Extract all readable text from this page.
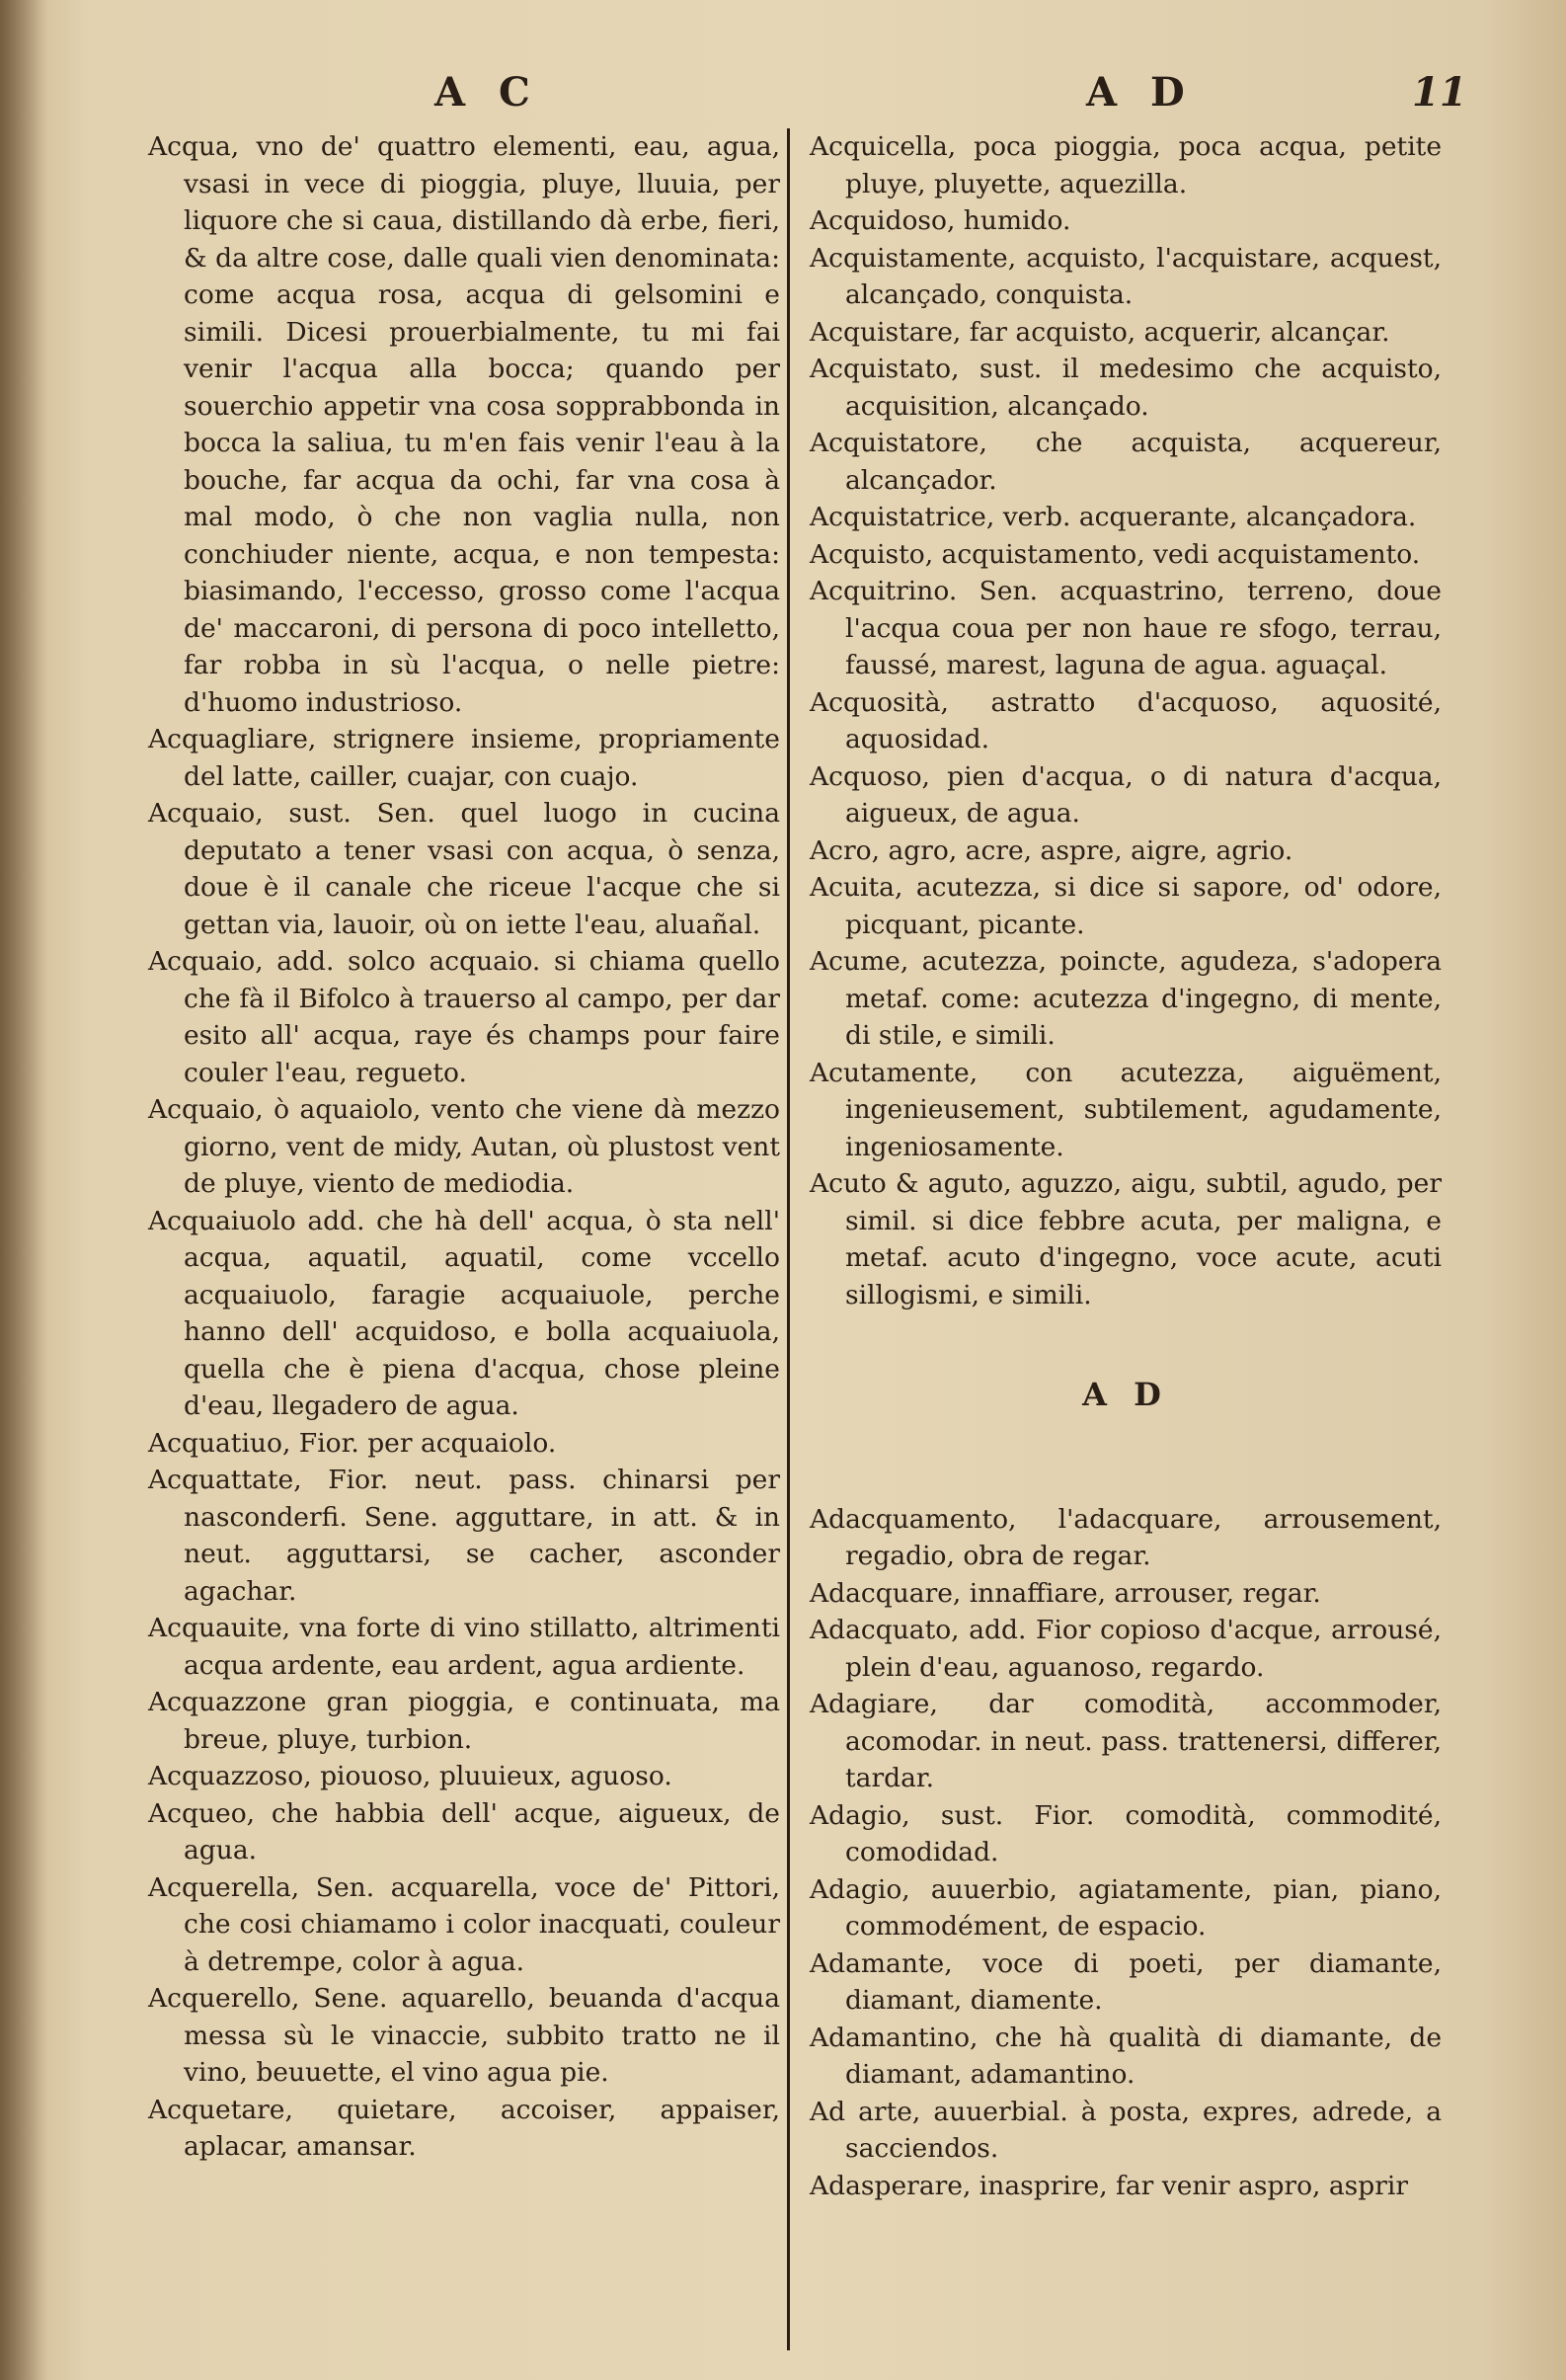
A C	A D	11

Acqua, vno de' quattro elementi, eau, agua, vsasi in vece di pioggia, pluye, lluuia, per liquore che si caua, distillando dà erbe, fieri, & da altre cose, dalle quali vien denominata: come acqua rosa, acqua di gelsomini e simili. Dicesi prouerbialmente, tu mi fai venir l'acqua alla bocca; quando per souerchio appetir vna cosa sopprabbonda in bocca la saliua, tu m'en fais venir l'eau à la bouche, far acqua da ochi, far vna cosa à mal modo, ò che non vaglia nulla, non conchiuder niente, acqua, e non tempesta: biasimando, l'eccesso, grosso come l'acqua de' maccaroni, di persona di poco intelletto, far robba in sù l'acqua, o nelle pietre: d'huomo industrioso.

Acquagliare, strignere insieme, propriamente del latte, cailler, cuajar, con cuajo.

Acquaio, sust. Sen. quel luogo in cucina deputato a tener vsasi con acqua, ò senza, doue è il canale che riceue l'acque che si gettan via, lauoir, où on iette l'eau, aluañal.

Acquaio, add. solco acquaio. si chiama quello che fà il Bifolco à trauerso al campo, per dar esito all' acqua, raye és champs pour faire couler l'eau, regueto.

Acquaio, ò aquaiolo, vento che viene dà mezzo giorno, vent de midy, Autan, où plustost vent de pluye, viento de mediodia.

Acquaiuolo add. che hà dell' acqua, ò sta nell' acqua, aquatil, aquatil, come vccello acquaiuolo, faragie acquaiuole, perche hanno dell' acquidoso, e bolla acquaiuola, quella che è piena d'acqua, chose pleine d'eau, llegadero de agua.

Acquatiuo, Fior. per acquaiolo.

Acquattate, Fior. neut. pass. chinarsi per nasconderfi. Sene. agguttare, in att. & in neut. agguttarsi, se cacher, asconder agachar.

Acquauite, vna forte di vino stillatto, altrimenti acqua ardente, eau ardent, agua ardiente.

Acquazzone gran pioggia, e continuata, ma breue, pluye, turbion.

Acquazzoso, piouoso, pluuieux, aguoso.

Acqueo, che habbia dell' acque, aigueux, de agua.

Acquerella, Sen. acquarella, voce de' Pittori, che cosi chiamamo i color inacquati, couleur à detrempe, color à agua.

Acquerello, Sene. aquarello, beuanda d'acqua messa sù le vinaccie, subbito tratto ne il vino, beuuette, el vino agua pie.

Acquetare, quietare, accoiser, appaiser, aplacar, amansar.

Acquicella, poca pioggia, poca acqua, petite pluye, pluyette, aquezilla.

Acquidoso, humido.

Acquistamente, acquisto, l'acquistare, acquest, alcançado, conquista.

Acquistare, far acquisto, acquerir, alcançar.

Acquistato, sust. il medesimo che acquisto, acquisition, alcançado.

Acquistatore, che acquista, acquereur, alcançador.

Acquistatrice, verb. acquerante, alcançadora.

Acquisto, acquistamento, vedi acquistamento.

Acquitrino. Sen. acquastrino, terreno, doue l'acqua coua per non haue re sfogo, terrau, faussé, marest, laguna de agua. aguaçal.

Acquosità, astratto d'acquoso, aquosité, aquosidad.

Acquoso, pien d'acqua, o di natura d'acqua, aigueux, de agua.

Acro, agro, acre, aspre, aigre, agrio.

Acuita, acutezza, si dice si sapore, od' odore, picquant, picante.

Acume, acutezza, poincte, agudeza, s'adopera metaf. come: acutezza d'ingegno, di mente, di stile, e simili.

Acutamente, con acutezza, aiguëment, ingenieusement, subtilement, agudamente, ingeniosamente.

Acuto & aguto, aguzzo, aigu, subtil, agudo, per simil. si dice febbre acuta, per maligna, e metaf. acuto d'ingegno, voce acute, acuti sillogismi, e simili.

A D

Adacquamento, l'adacquare, arrousement, regadio, obra de regar.

Adacquare, innaffiare, arrouser, regar.

Adacquato, add. Fior copioso d'acque, arrousé, plein d'eau, aguanoso, regardo.

Adagiare, dar comodità, accommoder, acomodar. in neut. pass. trattenersi, differer, tardar.

Adagio, sust. Fior. comodità, commodité, comodidad.

Adagio, auuerbio, agiatamente, pian, piano, commodément, de espacio.

Adamante, voce di poeti, per diamante, diamant, diamente.

Adamantino, che hà qualità di diamante, de diamant, adamantino.

Ad arte, auuerbial. à posta, expres, adrede, a sacciendos.

Adasperare, inasprire, far venir aspro, asprir
